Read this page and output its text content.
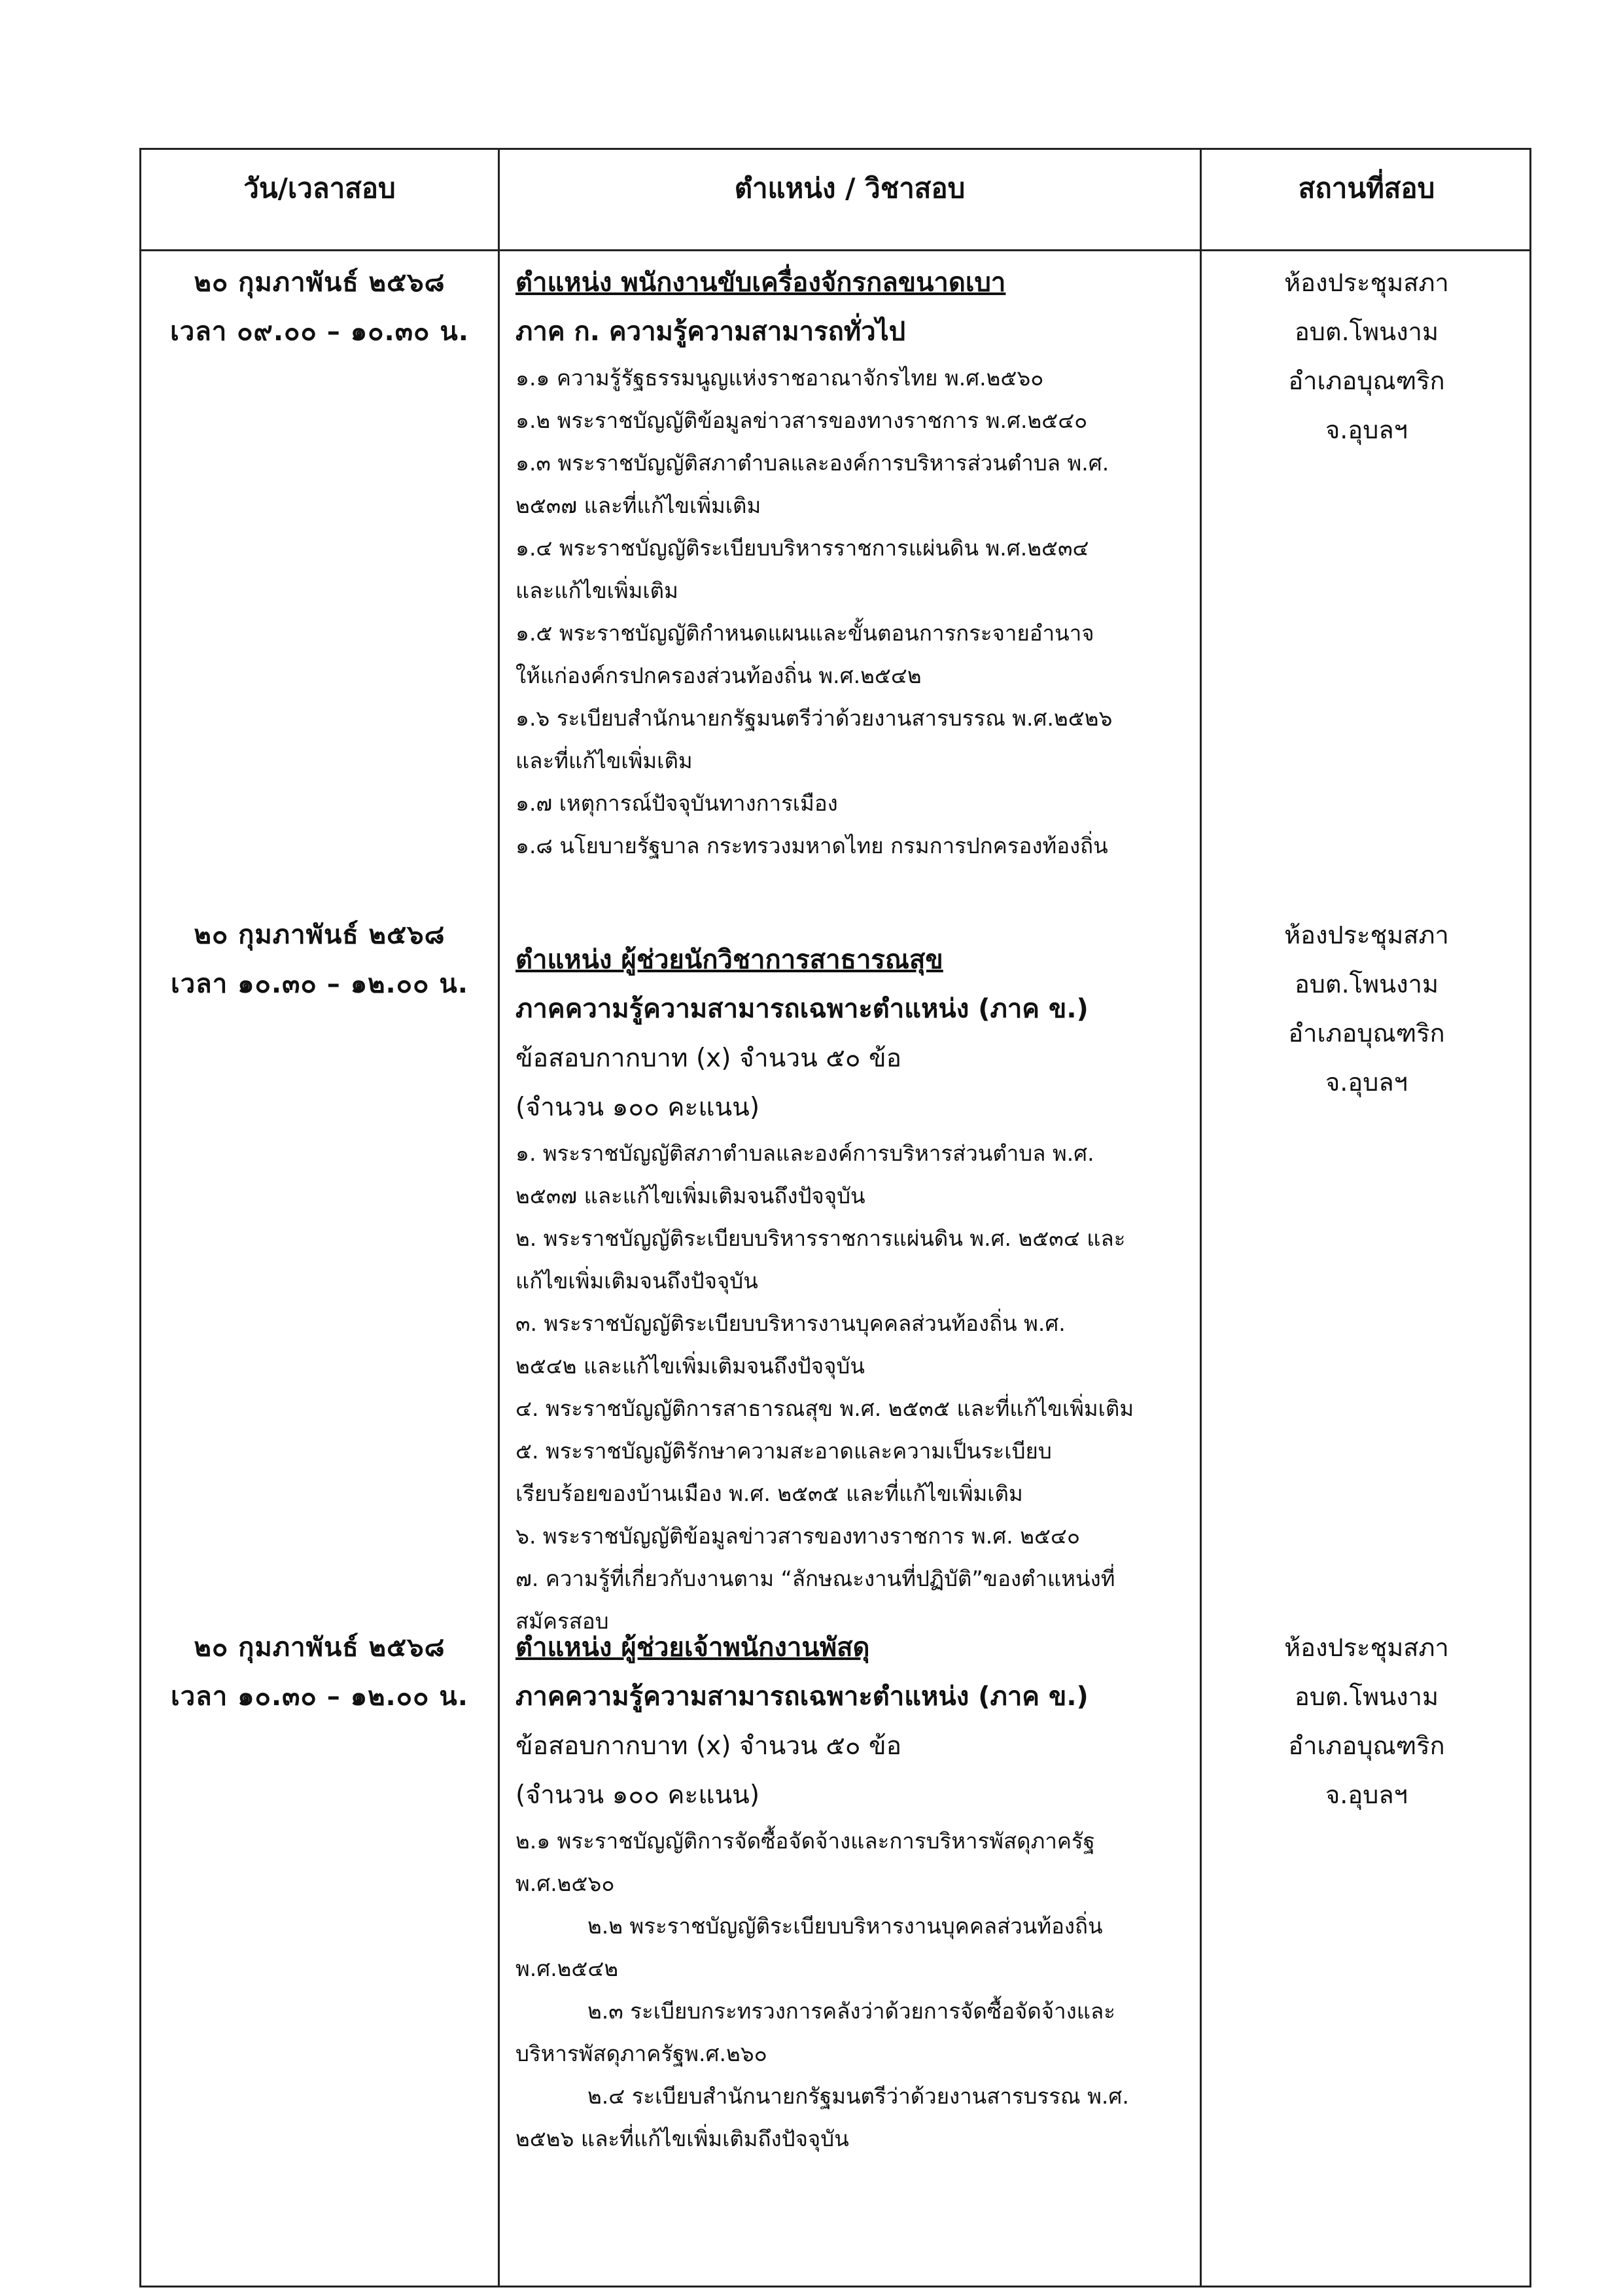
วัน/เวลาสอบ	ตำแหน่ง / วิชาสอบ	สถานที่สอบ
๒๐ กุมภาพันธ์ ๒๕๖๘
เวลา ๐๙.๐๐ – ๑๐.๓๐ น.
ตำแหน่ง พนักงานขับเครื่องจักรกลขนาดเบา
ภาค ก. ความรู้ความสามารถทั่วไป
๑.๑ ความรู้รัฐธรรมนูญแห่งราชอาณาจักรไทย พ.ศ.๒๕๖๐
๑.๒ พระราชบัญญัติข้อมูลข่าวสารของทางราชการ พ.ศ.๒๕๔๐
๑.๓ พระราชบัญญัติสภาตำบลและองค์การบริหารส่วนตำบล พ.ศ.
๒๕๓๗ และที่แก้ไขเพิ่มเติม
๑.๔ พระราชบัญญัติระเบียบบริหารราชการแผ่นดิน พ.ศ.๒๕๓๔
และแก้ไขเพิ่มเติม
๑.๕ พระราชบัญญัติกำหนดแผนและขั้นตอนการกระจายอำนาจ
ให้แก่องค์กรปกครองส่วนท้องถิ่น พ.ศ.๒๕๔๒
๑.๖ ระเบียบสำนักนายกรัฐมนตรีว่าด้วยงานสารบรรณ พ.ศ.๒๕๒๖
และที่แก้ไขเพิ่มเติม
๑.๗ เหตุการณ์ปัจจุบันทางการเมือง
๑.๘ นโยบายรัฐบาล กระทรวงมหาดไทย กรมการปกครองท้องถิ่น
ห้องประชุมสภา
อบต.โพนงาม
อำเภอบุณฑริก
จ.อุบลฯ
๒๐ กุมภาพันธ์ ๒๕๖๘
เวลา ๑๐.๓๐ – ๑๒.๐๐ น.
ตำแหน่ง ผู้ช่วยนักวิชาการสาธารณสุข
ภาคความรู้ความสามารถเฉพาะตำแหน่ง (ภาค ข.)
ข้อสอบกากบาท (x) จำนวน ๕๐ ข้อ
(จำนวน ๑๐๐ คะแนน)
๑. พระราชบัญญัติสภาตำบลและองค์การบริหารส่วนตำบล พ.ศ.
๒๕๓๗ และแก้ไขเพิ่มเติมจนถึงปัจจุบัน
๒. พระราชบัญญัติระเบียบบริหารราชการแผ่นดิน พ.ศ. ๒๕๓๔ และ
แก้ไขเพิ่มเติมจนถึงปัจจุบัน
๓. พระราชบัญญัติระเบียบบริหารงานบุคคลส่วนท้องถิ่น พ.ศ.
๒๕๔๒ และแก้ไขเพิ่มเติมจนถึงปัจจุบัน
๔. พระราชบัญญัติการสาธารณสุข พ.ศ. ๒๕๓๕ และที่แก้ไขเพิ่มเติม
๕. พระราชบัญญัติรักษาความสะอาดและความเป็นระเบียบ
เรียบร้อยของบ้านเมือง พ.ศ. ๒๕๓๕ และที่แก้ไขเพิ่มเติม
๖. พระราชบัญญัติข้อมูลข่าวสารของทางราชการ พ.ศ. ๒๕๔๐
๗. ความรู้ที่เกี่ยวกับงานตาม “ลักษณะงานที่ปฏิบัติ”ของตำแหน่งที่
สมัครสอบ
ห้องประชุมสภา
อบต.โพนงาม
อำเภอบุณฑริก
จ.อุบลฯ
๒๐ กุมภาพันธ์ ๒๕๖๘
เวลา ๑๐.๓๐ – ๑๒.๐๐ น.
ตำแหน่ง ผู้ช่วยเจ้าพนักงานพัสดุ
ภาคความรู้ความสามารถเฉพาะตำแหน่ง (ภาค ข.)
ข้อสอบกากบาท (x) จำนวน ๕๐ ข้อ
(จำนวน ๑๐๐ คะแนน)
๒.๑ พระราชบัญญัติการจัดซื้อจัดจ้างและการบริหารพัสดุภาครัฐ
พ.ศ.๒๕๖๐
๒.๒ พระราชบัญญัติระเบียบบริหารงานบุคคลส่วนท้องถิ่น
พ.ศ.๒๕๔๒
๒.๓ ระเบียบกระทรวงการคลังว่าด้วยการจัดซื้อจัดจ้างและ
บริหารพัสดุภาครัฐพ.ศ.๒๖๐
๒.๔ ระเบียบสำนักนายกรัฐมนตรีว่าด้วยงานสารบรรณ พ.ศ.
๒๕๒๖ และที่แก้ไขเพิ่มเติมถึงปัจจุบัน
ห้องประชุมสภา
อบต.โพนงาม
อำเภอบุณฑริก
จ.อุบลฯ
